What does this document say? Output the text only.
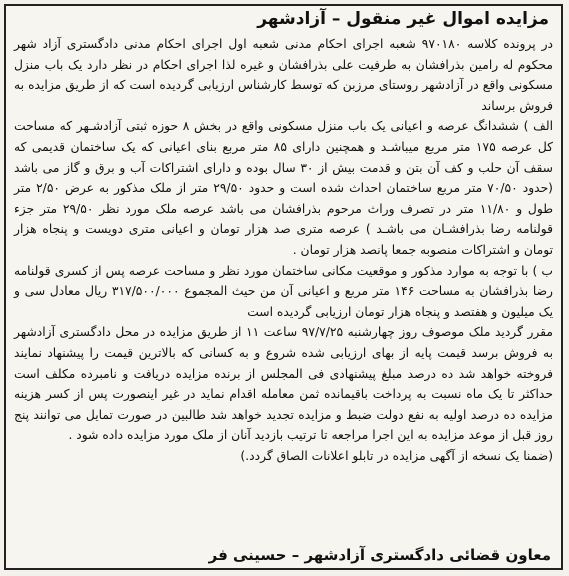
مزایده اموال غیر منقول – آزادشهر

در پرونده کلاسه ۹۷۰۱۸۰ شعبه اجرای احکام مدنی شعبه اول اجرای احکام مدنی دادگستری آزاد شهر محکوم له رامین بذرافشان به طرفیت علی بذرافشان و غیره لذا اجرای احکام در نظر دارد یک باب منزل مسکونی واقع در آزادشهر روستای مرزبن که توسط کارشناس ارزیابی گردیده است که از طریق مزایده به فروش برساند

الف ) ششدانگ عرصه و اعیانی یک باب منزل مسکونی واقع در بخش ۸ حوزه ثبتی آزادشـهر که مساحت کل عرصه ۱۷۵ متر مربع میباشـد و همچنین دارای ۸۵ متر مربع بنای اعیانی که یک ساختمان قدیمی که سقف آن حلب و کف آن بتن و قدمت بیش از ۳۰ سال بوده و دارای اشتراکات آب و برق و گاز می باشد (حدود ۷۰/۵۰ متر مربع ساختمان احداث شده است و حدود ۲۹/۵۰ متر از ملک مذکور به عرض ۲/۵۰ متر طول و ۱۱/۸۰ متر در تصرف وراث مرحوم بذرافشان می باشد عرصه ملک مورد نظر ۲۹/۵۰ متر جزء قولنامه رضا بذرافشـان می باشـد ) عرصه متری صد هزار تومان و اعیانی متری دویست و پنجاه هزار تومان و اشتراکات منصوبه جمعا پانصد هزار تومان .

ب ) با توجه به موارد مذکور و موقعیت مکانی ساختمان مورد نظر و مساحت عرصه پس از کسری قولنامه رضا بذرافشان به مساحت ۱۴۶ متر مربع و اعیانی آن من حیث المجموع ۳۱۷/۵۰۰/۰۰۰ ریال معادل سی و یک میلیون و هفتصد و پنجاه هزار تومان ارزیابی گردیده است

مقرر گردید ملک موصوف روز چهارشنبه ۹۷/۷/۲۵ ساعت ۱۱ از طریق مزایده در محل دادگستری آزادشهر به فروش برسد قیمت پایه از بهای ارزیابی شده شروع و به کسانی که بالاترین قیمت را پیشنهاد نمایند فروخته خواهد شد ده درصد مبلغ پیشنهادی فی المجلس از برنده مزایده دریافت و نامبرده مکلف است حداکثر تا یک ماه نسبت به پرداخت باقیمانده ثمن معامله اقدام نماید در غیر اینصورت پس از کسر هزینه مزایده ده درصد اولیه به نفع دولت ضبط و مزایده تجدید خواهد شد طالبین در صورت تمایل می توانند پنج روز قبل از موعد مزایده به این اجرا مراجعه تا ترتیب بازدید آنان از ملک مورد مزایده داده شود .

(ضمنا یک نسخه از آگهی مزایده در تابلو اعلانات الصاق گردد.)

معاون قضائی دادگستری آزادشهر – حسینی فر
